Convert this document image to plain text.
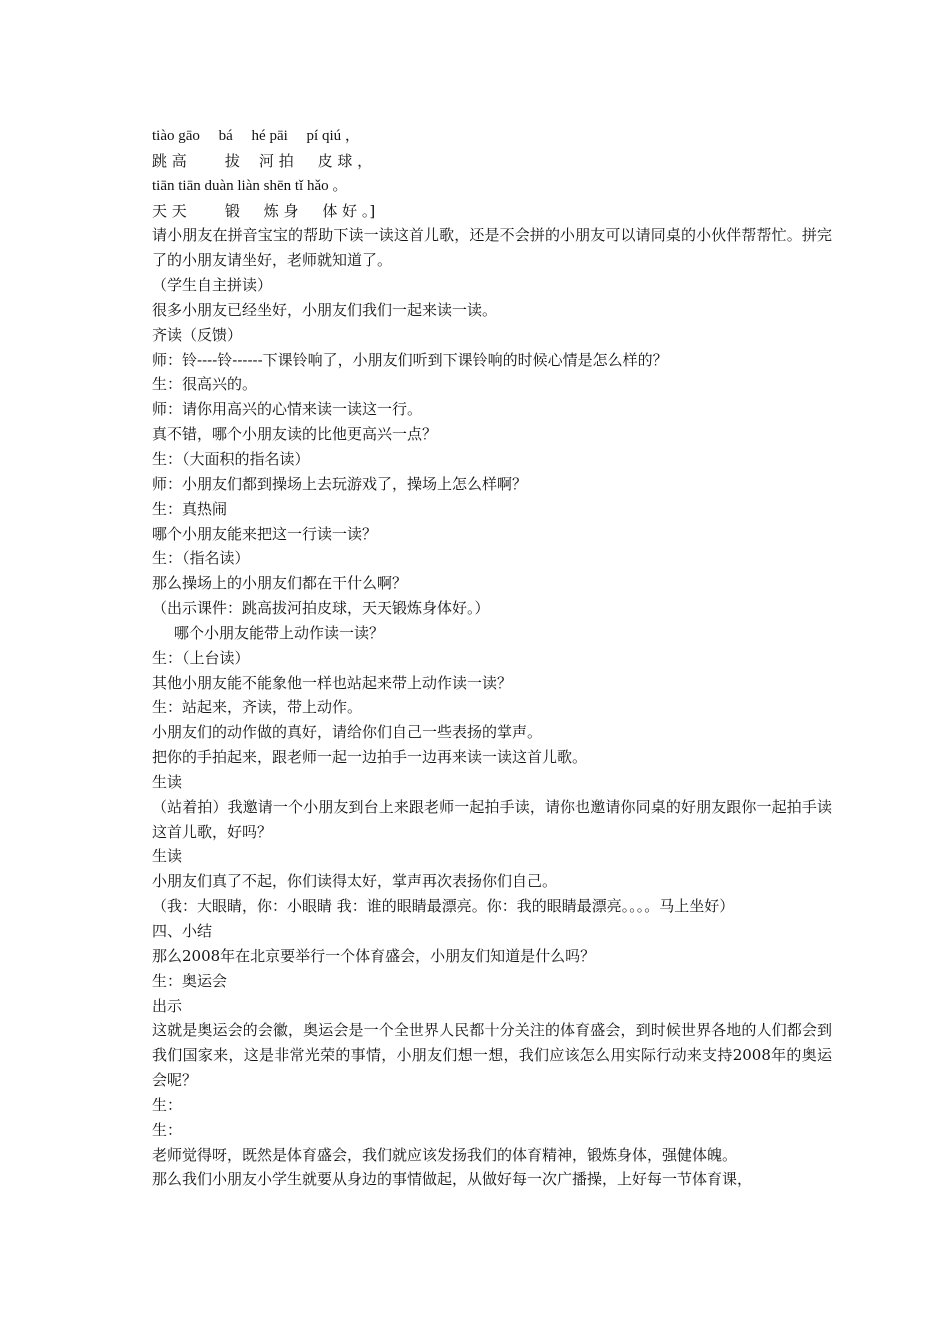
tiào gāo     bá     hé pāi     pí qiú ，

跳 高        拔    河 拍     皮 球 ，

tiān tiān duàn liàn shēn tǐ hǎo 。

天 天        锻     炼 身     体 好 。]

请小朋友在拼音宝宝的帮助下读一读这首儿歌，还是不会拼的小朋友可以请同桌的小伙伴帮帮忙。拼完了的小朋友请坐好，老师就知道了。

（学生自主拼读）

很多小朋友已经坐好，小朋友们我们一起来读一读。

齐读（反馈）

师：铃----铃------下课铃响了，小朋友们听到下课铃响的时候心情是怎么样的？

生：很高兴的。

师：请你用高兴的心情来读一读这一行。

真不错，哪个小朋友读的比他更高兴一点？

生：（大面积的指名读）

师：小朋友们都到操场上去玩游戏了，操场上怎么样啊？

生：真热闹

哪个小朋友能来把这一行读一读？

生：（指名读）

那么操场上的小朋友们都在干什么啊？

（出示课件：跳高拔河拍皮球，天天锻炼身体好。）

哪个小朋友能带上动作读一读？

生：（上台读）

其他小朋友能不能象他一样也站起来带上动作读一读？

生：站起来，齐读，带上动作。

小朋友们的动作做的真好，请给你们自己一些表扬的掌声。

把你的手拍起来，跟老师一起一边拍手一边再来读一读这首儿歌。

生读

（站着拍）我邀请一个小朋友到台上来跟老师一起拍手读，请你也邀请你同桌的好朋友跟你一起拍手读这首儿歌，好吗？

生读

小朋友们真了不起，你们读得太好，掌声再次表扬你们自己。

（我：大眼睛，你：小眼睛 我：谁的眼睛最漂亮。你：我的眼睛最漂亮。。。。马上坐好）

四、小结

那么2008年在北京要举行一个体育盛会，小朋友们知道是什么吗？

生：奥运会

出示

这就是奥运会的会徽，奥运会是一个全世界人民都十分关注的体育盛会，到时候世界各地的人们都会到我们国家来，这是非常光荣的事情，小朋友们想一想，我们应该怎么用实际行动来支持2008年的奥运会呢？

生：

生：

老师觉得呀，既然是体育盛会，我们就应该发扬我们的体育精神，锻炼身体，强健体魄。

那么我们小朋友小学生就要从身边的事情做起，从做好每一次广播操，上好每一节体育课，
